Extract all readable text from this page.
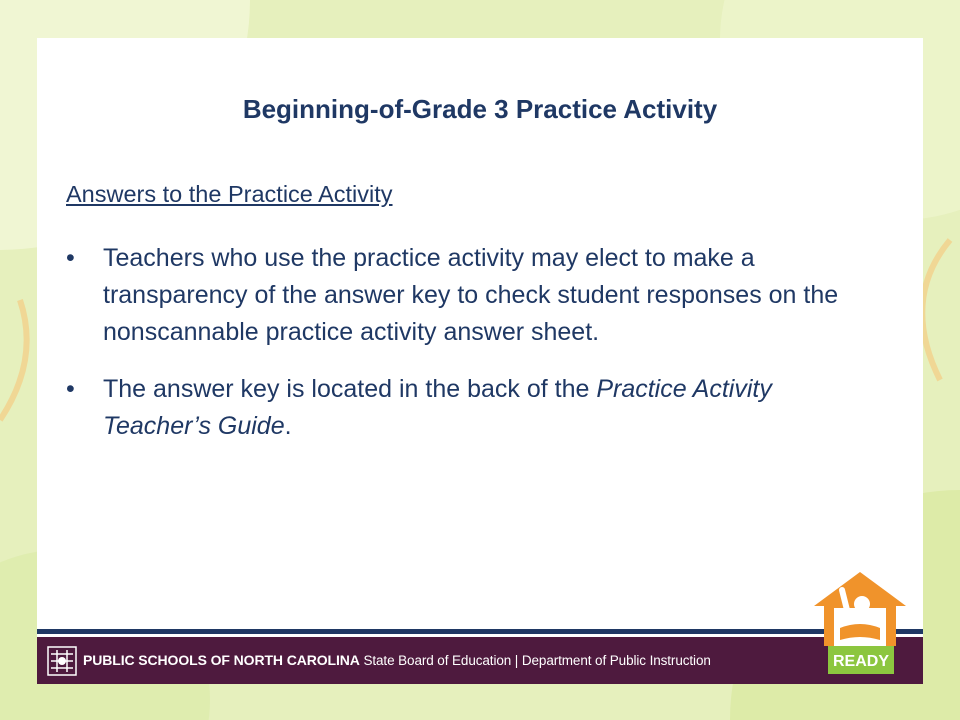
Beginning-of-Grade 3 Practice Activity

Answers to the Practice Activity

• Teachers who use the practice activity may elect to make a transparency of the answer key to check student responses on the nonscannable practice activity answer sheet.
• The answer key is located in the back of the Practice Activity Teacher’s Guide.
PUBLIC SCHOOLS OF NORTH CAROLINA State Board of Education | Department of Public Instruction	READY
